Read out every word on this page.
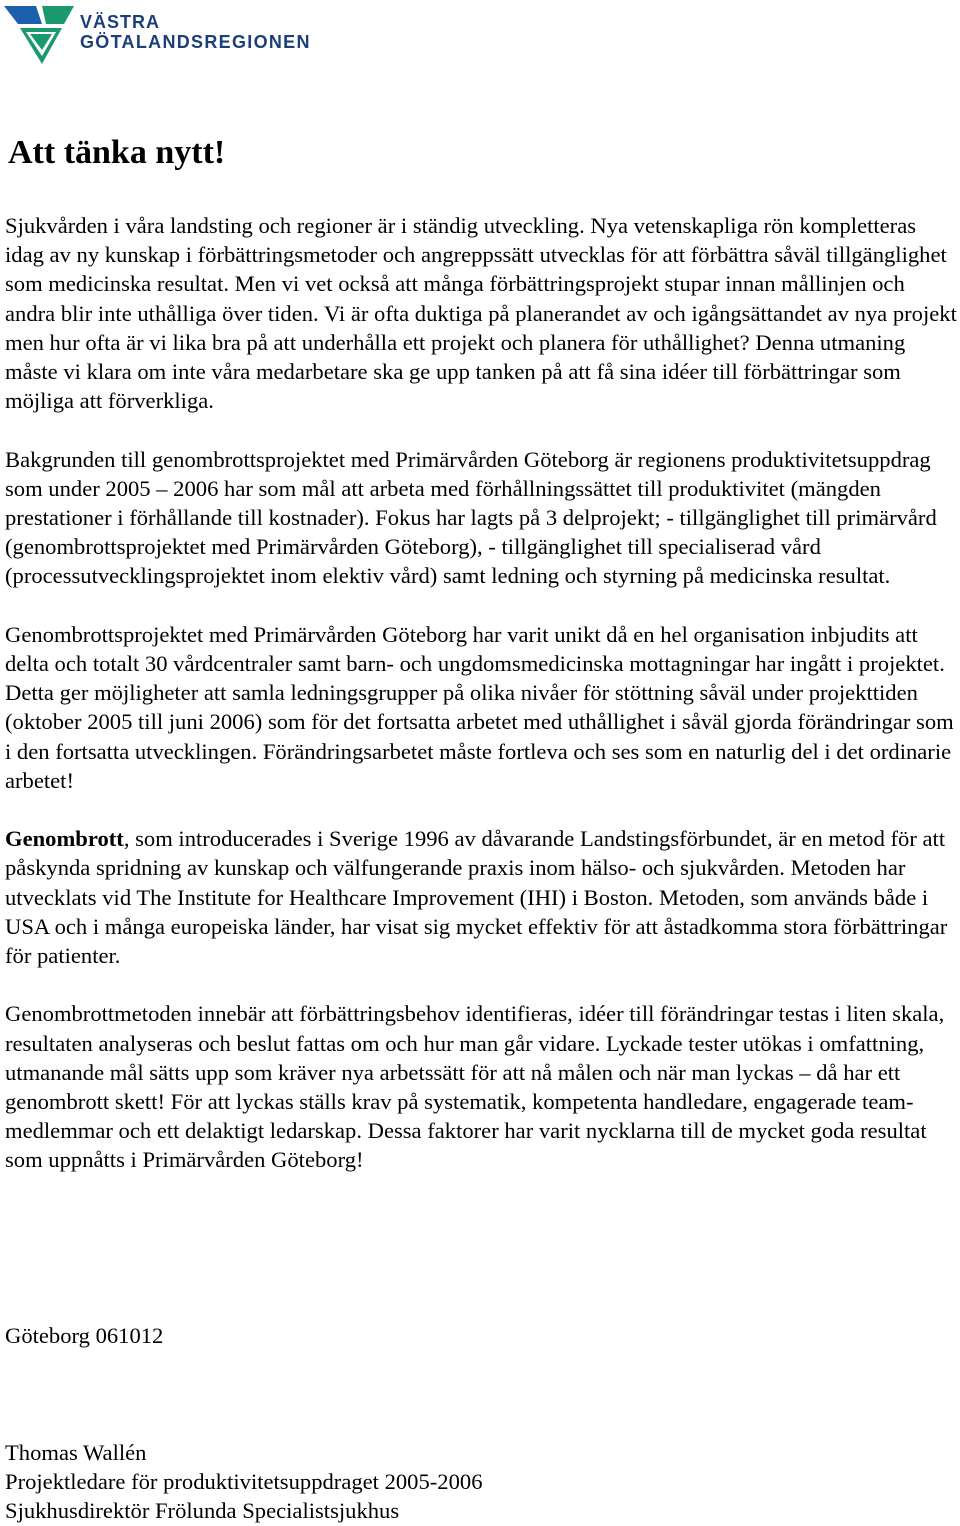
VÄSTRA
GÖTALANDSREGIONEN
Att tänka nytt!

Sjukvården i våra landsting och regioner är i ständig utveckling. Nya vetenskapliga rön kompletteras idag av ny kunskap i förbättringsmetoder och angreppssätt utvecklas för att förbättra såväl tillgänglighet som medicinska resultat. Men vi vet också att många förbättringsprojekt stupar innan mållinjen och andra blir inte uthålliga över tiden. Vi är ofta duktiga på planerandet av och igångsättandet av nya projekt men hur ofta är vi lika bra på att underhålla ett projekt och planera för uthållighet? Denna utmaning måste vi klara om inte våra medarbetare ska ge upp tanken på att få sina idéer till förbättringar som möjliga att förverkliga.

Bakgrunden till genombrottsprojektet med Primärvården Göteborg är regionens produktivitetsuppdrag som under 2005 – 2006 har som mål att arbeta med förhållningssättet till produktivitet (mängden prestationer i förhållande till kostnader). Fokus har lagts på 3 delprojekt; - tillgänglighet till primärvård (genombrottsprojektet med Primärvården Göteborg), - tillgänglighet till specialiserad vård (processutvecklingsprojektet inom elektiv vård) samt ledning och styrning på medicinska resultat.

Genombrottsprojektet med Primärvården Göteborg har varit unikt då en hel organisation inbjudits att delta och totalt 30 vårdcentraler samt barn- och ungdomsmedicinska mottagningar har ingått i projektet. Detta ger möjligheter att samla ledningsgrupper på olika nivåer för stöttning såväl under projekttiden (oktober 2005 till juni 2006) som för det fortsatta arbetet med uthållighet i såväl gjorda förändringar som i den fortsatta utvecklingen. Förändringsarbetet måste fortleva och ses som en naturlig del i det ordinarie arbetet!

Genombrott, som introducerades i Sverige 1996 av dåvarande Landstingsförbundet, är en metod för att påskynda spridning av kunskap och välfungerande praxis inom hälso- och sjukvården. Metoden har utvecklats vid The Institute for Healthcare Improvement (IHI) i Boston. Metoden, som används både i USA och i många europeiska länder, har visat sig mycket effektiv för att åstadkomma stora förbättringar för patienter.

Genombrottmetoden innebär att förbättringsbehov identifieras, idéer till förändringar testas i liten skala, resultaten analyseras och beslut fattas om och hur man går vidare. Lyckade tester utökas i omfattning, utmanande mål sätts upp som kräver nya arbetssätt för att nå målen och när man lyckas – då har ett genombrott skett! För att lyckas ställs krav på systematik, kompetenta handledare, engagerade team-medlemmar och ett delaktigt ledarskap. Dessa faktorer har varit nycklarna till de mycket goda resultat som uppnåtts i Primärvården Göteborg!

Göteborg 061012
Thomas Wallén
Projektledare för produktivitetsuppdraget 2005-2006
Sjukhusdirektör Frölunda Specialistsjukhus
